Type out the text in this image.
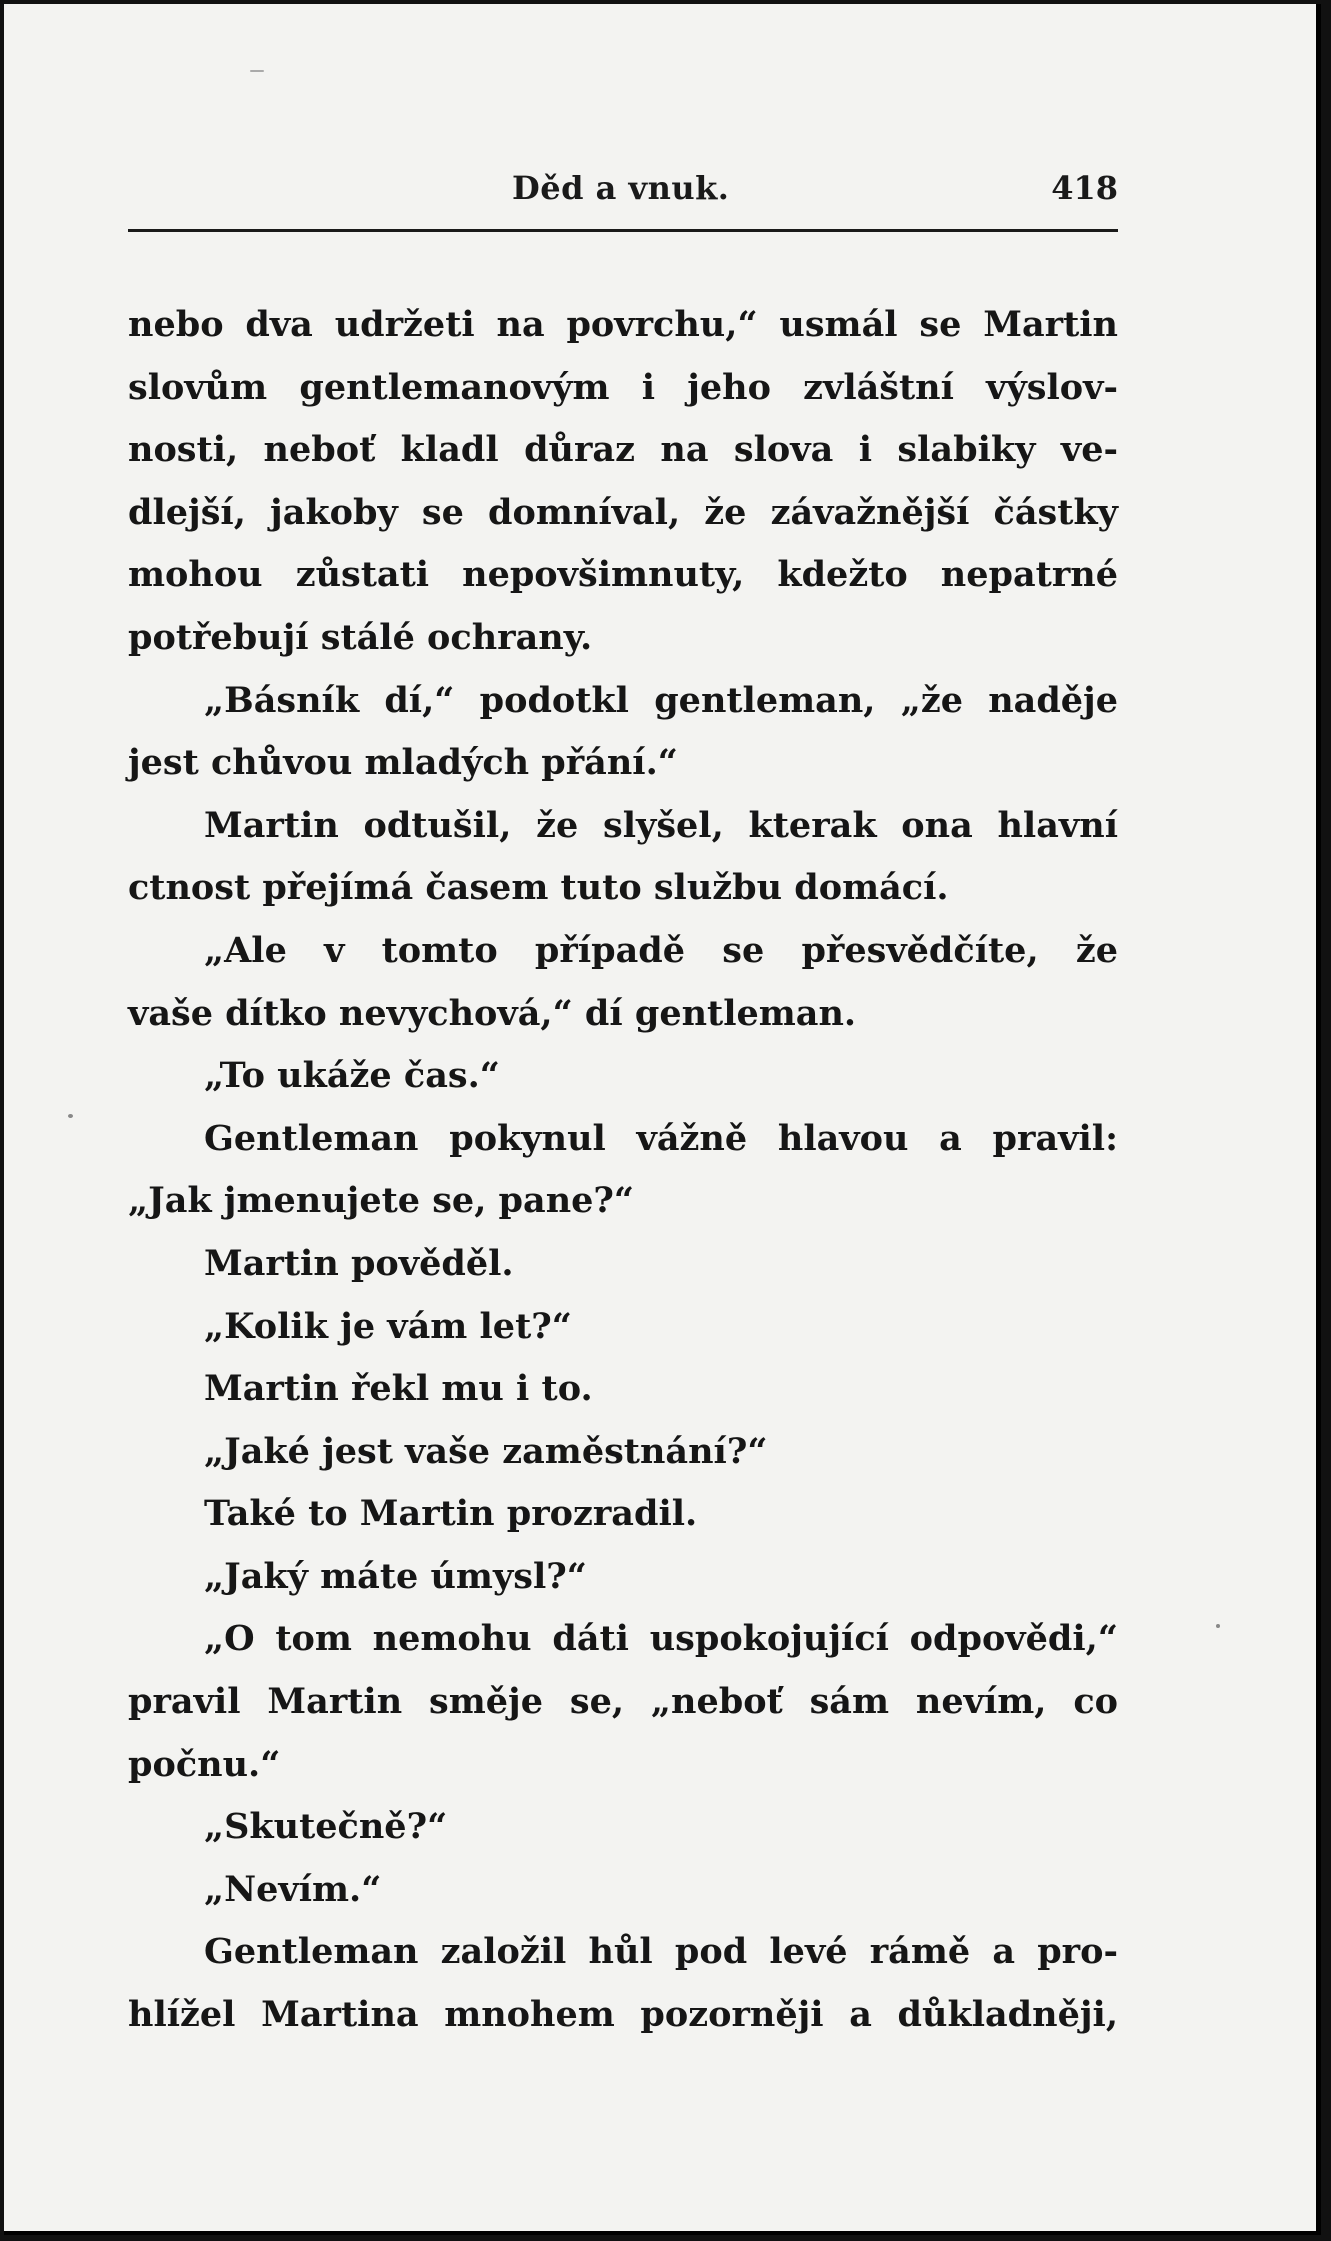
Děd a vnuk.	418
nebo dva udržeti na povrchu,“ usmál se Martin
slovům gentlemanovým i jeho zvláštní výslov-
nosti, neboť kladl důraz na slova i slabiky ve-
dlejší, jakoby se domníval, že závažnější částky
mohou zůstati nepovšimnuty, kdežto nepatrné
potřebují stálé ochrany.
„Básník dí,“ podotkl gentleman, „že naděje
jest chůvou mladých přání.“
Martin odtušil, že slyšel, kterak ona hlavní
ctnost přejímá časem tuto službu domácí.
„Ale v tomto případě se přesvědčíte, že
vaše dítko nevychová,“ dí gentleman.
„To ukáže čas.“
Gentleman pokynul vážně hlavou a pravil:
„Jak jmenujete se, pane?“
Martin pověděl.
„Kolik je vám let?“
Martin řekl mu i to.
„Jaké jest vaše zaměstnání?“
Také to Martin prozradil.
„Jaký máte úmysl?“
„O tom nemohu dáti uspokojující odpovědi,“
pravil Martin směje se, „neboť sám nevím, co
počnu.“
„Skutečně?“
„Nevím.“
Gentleman založil hůl pod levé rámě a pro-
hlížel Martina mnohem pozorněji a důkladněji,
